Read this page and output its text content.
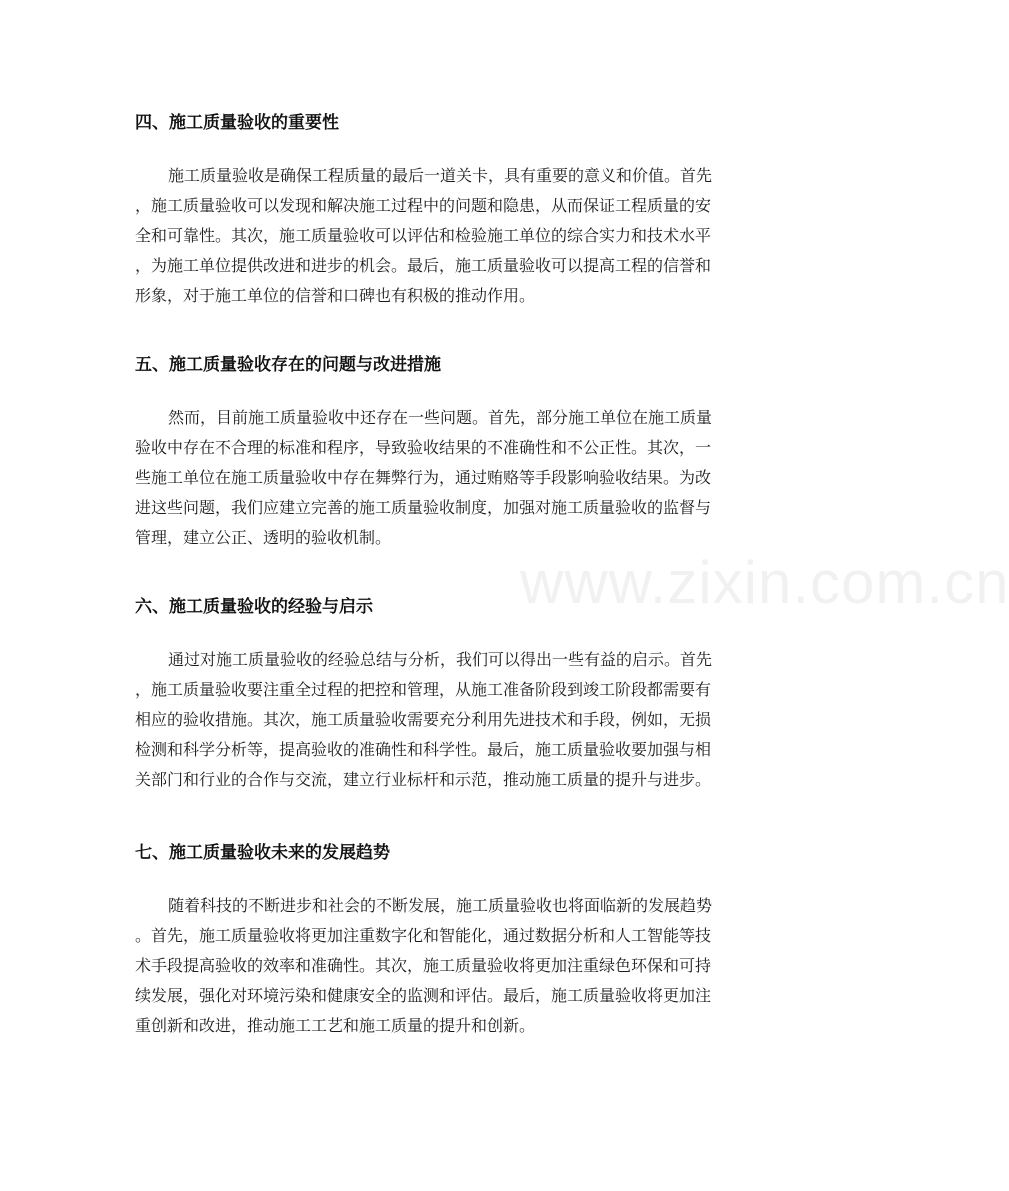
www.zixin.com.cn
四、施工质量验收的重要性
施工质量验收是确保工程质量的最后一道关卡，具有重要的意义和价值。首先
，施工质量验收可以发现和解决施工过程中的问题和隐患，从而保证工程质量的安
全和可靠性。其次，施工质量验收可以评估和检验施工单位的综合实力和技术水平
，为施工单位提供改进和进步的机会。最后，施工质量验收可以提高工程的信誉和
形象，对于施工单位的信誉和口碑也有积极的推动作用。
五、施工质量验收存在的问题与改进措施
然而，目前施工质量验收中还存在一些问题。首先，部分施工单位在施工质量
验收中存在不合理的标准和程序，导致验收结果的不准确性和不公正性。其次，一
些施工单位在施工质量验收中存在舞弊行为，通过贿赂等手段影响验收结果。为改
进这些问题，我们应建立完善的施工质量验收制度，加强对施工质量验收的监督与
管理，建立公正、透明的验收机制。
六、施工质量验收的经验与启示
通过对施工质量验收的经验总结与分析，我们可以得出一些有益的启示。首先
，施工质量验收要注重全过程的把控和管理，从施工准备阶段到竣工阶段都需要有
相应的验收措施。其次，施工质量验收需要充分利用先进技术和手段，例如，无损
检测和科学分析等，提高验收的准确性和科学性。最后，施工质量验收要加强与相
关部门和行业的合作与交流，建立行业标杆和示范，推动施工质量的提升与进步。
七、施工质量验收未来的发展趋势
随着科技的不断进步和社会的不断发展，施工质量验收也将面临新的发展趋势
。首先，施工质量验收将更加注重数字化和智能化，通过数据分析和人工智能等技
术手段提高验收的效率和准确性。其次，施工质量验收将更加注重绿色环保和可持
续发展，强化对环境污染和健康安全的监测和评估。最后，施工质量验收将更加注
重创新和改进，推动施工工艺和施工质量的提升和创新。
